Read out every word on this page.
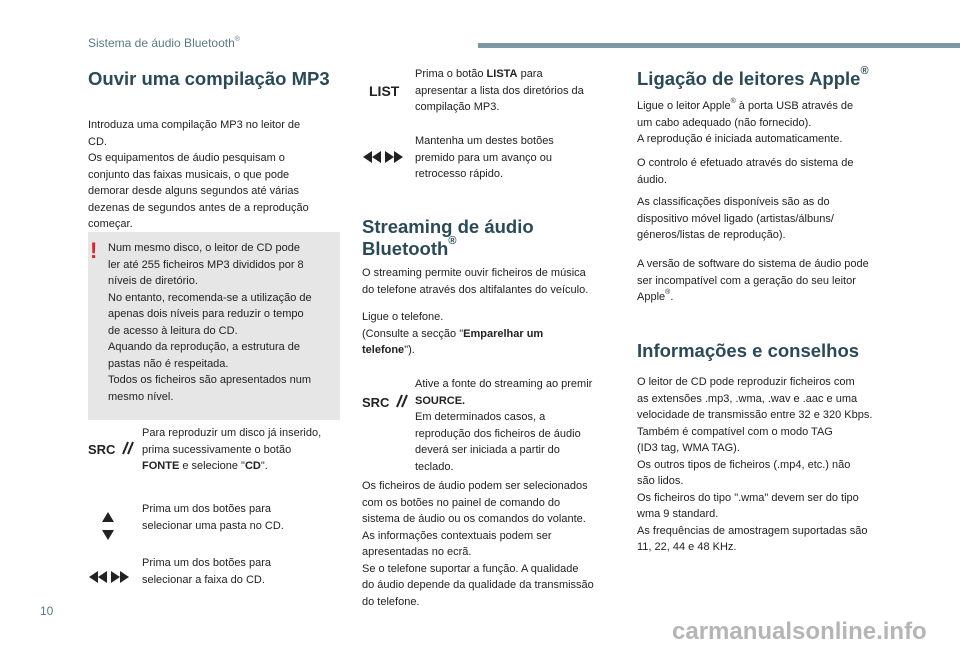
Sistema de áudio Bluetooth®
Ouvir uma compilação MP3
Introduza uma compilação MP3 no leitor de
CD.
Os equipamentos de áudio pesquisam o
conjunto das faixas musicais, o que pode
demorar desde alguns segundos até várias
dezenas de segundos antes de a reprodução
começar.
! Num mesmo disco, o leitor de CD pode
ler até 255 ficheiros MP3 divididos por 8
níveis de diretório.
No entanto, recomenda-se a utilização de
apenas dois níveis para reduzir o tempo
de acesso à leitura do CD.
Aquando da reprodução, a estrutura de
pastas não é respeitada.
Todos os ficheiros são apresentados num
mesmo nível.
SRC
Para reproduzir um disco já inserido,
prima sucessivamente o botão
FONTE e selecione "CD".
Prima um dos botões para
selecionar uma pasta no CD.
Prima um dos botões para
selecionar a faixa do CD.
LIST
Prima o botão LISTA para
apresentar a lista dos diretórios da
compilação MP3.
Mantenha um destes botões
premido para um avanço ou
retrocesso rápido.
Streaming de áudio
Bluetooth®
O streaming permite ouvir ficheiros de música
do telefone através dos altifalantes do veículo.
Ligue o telefone.
(Consulte a secção "Emparelhar um
telefone").
SRC
Ative a fonte do streaming ao premir
SOURCE.
Em determinados casos, a
reprodução dos ficheiros de áudio
deverá ser iniciada a partir do
teclado.
Os ficheiros de áudio podem ser selecionados
com os botões no painel de comando do
sistema de áudio ou os comandos do volante.
As informações contextuais podem ser
apresentadas no ecrã.
Se o telefone suportar a função. A qualidade
do áudio depende da qualidade da transmissão
do telefone.
Ligação de leitores Apple®
Ligue o leitor Apple® à porta USB através de
um cabo adequado (não fornecido).
A reprodução é iniciada automaticamente.
O controlo é efetuado através do sistema de
áudio.
As classificações disponíveis são as do
dispositivo móvel ligado (artistas/álbuns/
géneros/listas de reprodução).
A versão de software do sistema de áudio pode
ser incompatível com a geração do seu leitor
Apple®.
Informações e conselhos
O leitor de CD pode reproduzir ficheiros com
as extensões .mp3, .wma, .wav e .aac e uma
velocidade de transmissão entre 32 e 320 Kbps.
Também é compatível com o modo TAG
(ID3 tag, WMA TAG).
Os outros tipos de ficheiros (.mp4, etc.) não
são lidos.
Os ficheiros do tipo ".wma" devem ser do tipo
wma 9 standard.
As frequências de amostragem suportadas são
11, 22, 44 e 48 KHz.
10
carmanualsonline.info
